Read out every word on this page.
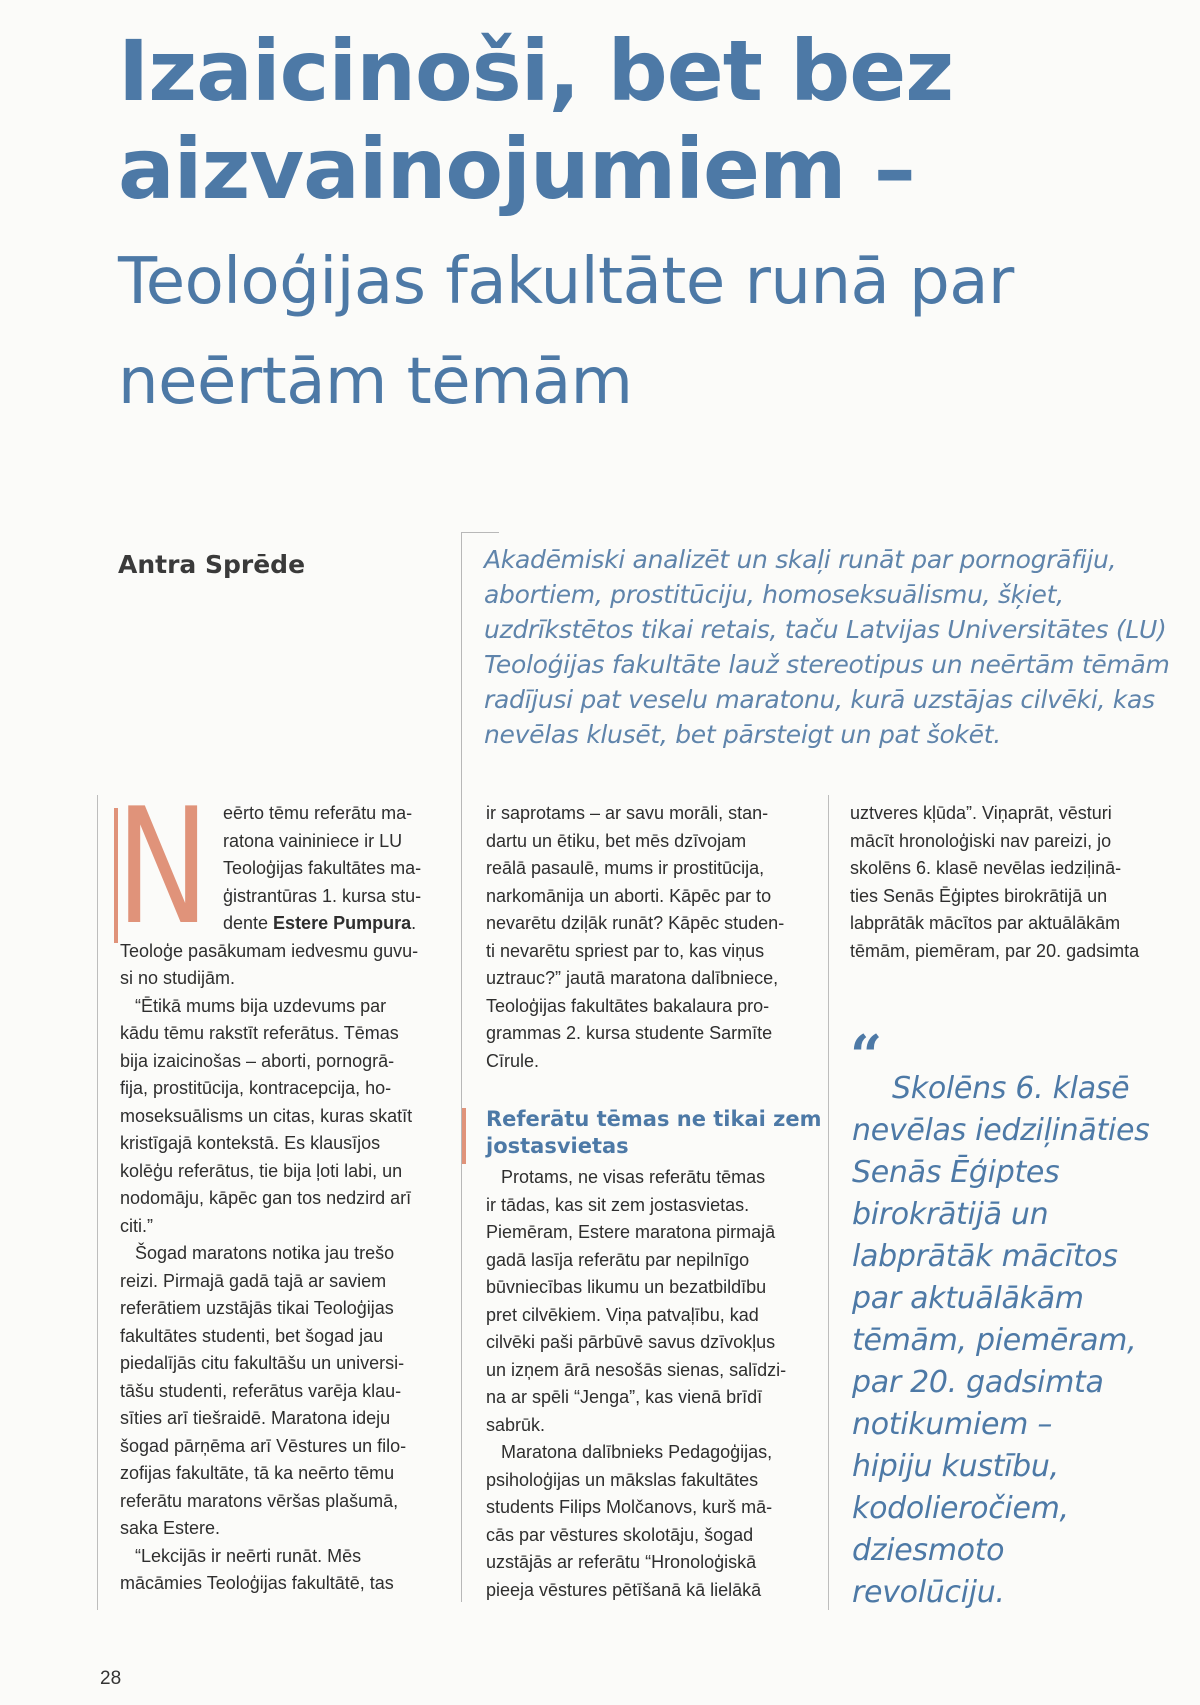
Izaicinoši, bet bez
aizvainojumiem –
Teoloģijas fakultāte runā par
neērtām tēmām
Antra Sprēde	Akadēmiski analizēt un skaļi runāt par pornogrāfiju,
abortiem, prostitūciju, homoseksuālismu, šķiet,
uzdrīkstētos tikai retais, taču Latvijas Universitātes (LU)
Teoloģijas fakultāte lauž stereotipus un neērtām tēmām
radījusi pat veselu maratonu, kurā uzstājas cilvēki, kas
nevēlas klusēt, bet pārsteigt un pat šokēt.
N eērto tēmu referātu ma-
ratona vaininiece ir LU
Teoloģijas fakultātes ma-
ģistrantūras 1. kursa stu-
dente Estere Pumpura.
Teoloģe pasākumam iedvesmu guvu-
si no studijām.
“Ētikā mums bija uzdevums par
kādu tēmu rakstīt referātus. Tēmas
bija izaicinošas – aborti, pornogrā-
fija, prostitūcija, kontracepcija, ho-
moseksuālisms un citas, kuras skatīt
kristīgajā kontekstā. Es klausījos
kolēģu referātus, tie bija ļoti labi, un
nodomāju, kāpēc gan tos nedzird arī
citi.”
Šogad maratons notika jau trešo
reizi. Pirmajā gadā tajā ar saviem
referātiem uzstājās tikai Teoloģijas
fakultātes studenti, bet šogad jau
piedalījās citu fakultāšu un universi-
tāšu studenti, referātus varēja klau-
sīties arī tiešraidē. Maratona ideju
šogad pārņēma arī Vēstures un filo-
zofijas fakultāte, tā ka neērto tēmu
referātu maratons vēršas plašumā,
saka Estere.
“Lekcijās ir neērti runāt. Mēs
mācāmies Teoloģijas fakultātē, tas
ir saprotams – ar savu morāli, stan-
dartu un ētiku, bet mēs dzīvojam
reālā pasaulē, mums ir prostitūcija,
narkomānija un aborti. Kāpēc par to
nevarētu dziļāk runāt? Kāpēc studen-
ti nevarētu spriest par to, kas viņus
uztrauc?” jautā maratona dalībniece,
Teoloģijas fakultātes bakalaura pro-
grammas 2. kursa studente Sarmīte
Cīrule.
Referātu tēmas ne tikai zem
jostasvietas
Protams, ne visas referātu tēmas
ir tādas, kas sit zem jostasvietas.
Piemēram, Estere maratona pirmajā
gadā lasīja referātu par nepilnīgo
būvniecības likumu un bezatbildību
pret cilvēkiem. Viņa patvaļību, kad
cilvēki paši pārbūvē savus dzīvokļus
un izņem ārā nesošās sienas, salīdzi-
na ar spēli “Jenga”, kas vienā brīdī
sabrūk.
Maratona dalībnieks Pedagoģijas,
psiholoģijas un mākslas fakultātes
students Filips Molčanovs, kurš mā-
cās par vēstures skolotāju, šogad
uzstājās ar referātu “Hronoloģiskā
pieeja vēstures pētīšanā kā lielākā
uztveres kļūda”. Viņaprāt, vēsturi
mācīt hronoloģiski nav pareizi, jo
skolēns 6. klasē nevēlas iedziļinā-
ties Senās Ēģiptes birokrātijā un
labprātāk mācītos par aktuālākām
tēmām, piemēram, par 20. gadsimta
“ Skolēns 6. klasē
nevēlas iedziļināties
Senās Ēģiptes
birokrātijā un
labprātāk mācītos
par aktuālākām
tēmām, piemēram,
par 20. gadsimta
notikumiem –
hipiju kustību,
kodolieročiem,
dziesmoto
revolūciju.
28
